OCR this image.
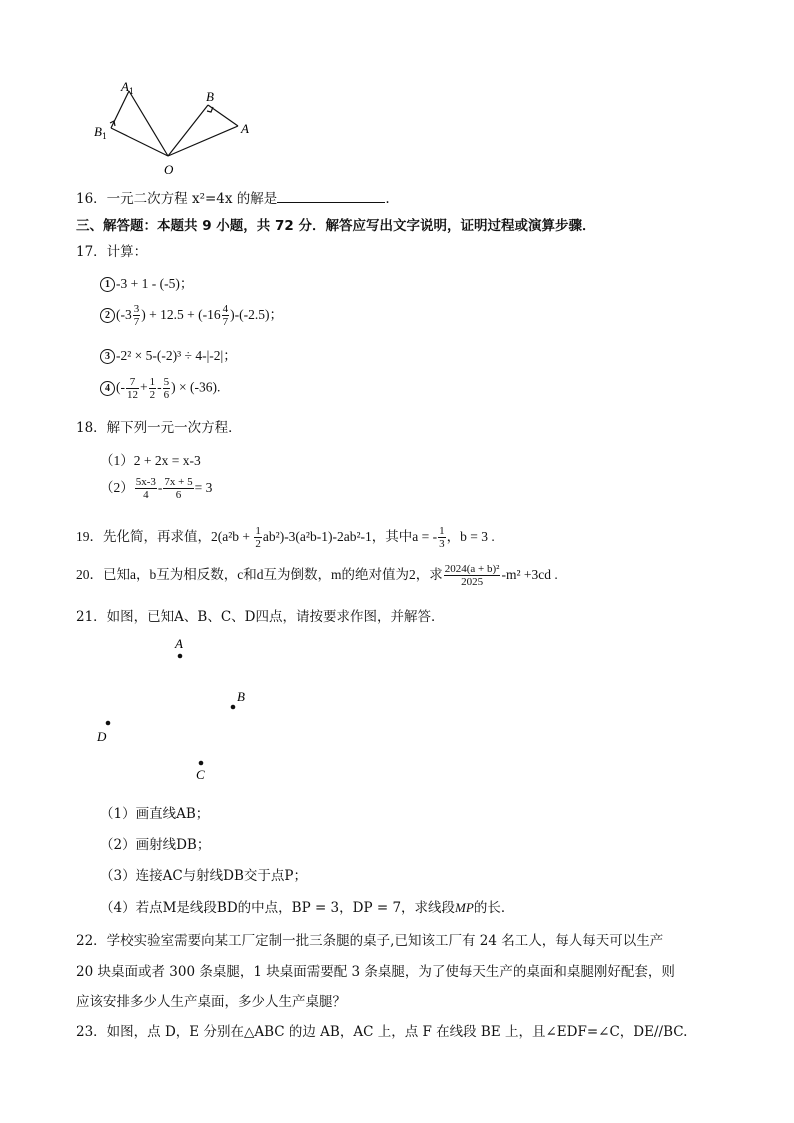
A 1
B 1
B
A
O
16．一元二次方程 x²=4x 的解是	.
三、解答题：本题共 9 小题，共 72 分．解答应写出文字说明，证明过程或演算步骤．
17．计算：
1 -3 + 1 - (-5)；
2 ($-3 \frac{3}{7}$ ) + $12.5 + (-16 \frac{4}{7} )-(-2.5)$；
3 -2² × 5-(-2)³ ÷ 4-|-2|；
4 (- $\frac{7}{12} + \frac{1}{2} - \frac{5}{6}$ ) × (-36).
18．解下列一元一次方程．
（1）2 + 2x = x-3
$(2) \frac{5x-3}{4} - \frac{7x + 5}{6} = 3$
19．先化简，再求值，$2(a^2b + \frac{1}{2} ab^2)-3(a^2b-1)-2ab^2-1$，其中a = - $\frac{1}{3}$ ，b = 3 .
20．已知a，b互为相反数，c和d互为倒数，m的绝对值为2，求 $\frac{\text{2024(a + b)²}}{2025} -m^2 +3cd$ .
21．如图，已知A、B、C、D四点，请按要求作图，并解答．
A
B
D
C
（1）画直线AB；
（2）画射线DB；
（3）连接AC与射线DB交于点P；
（4）若点M是线段BD的中点，BP = 3，DP = 7，求线段MP的长．
22．学校实验室需要向某工厂定制一批三条腿的桌子,已知该工厂有 24 名工人，每人每天可以生产
20 块桌面或者 300 条桌腿，1 块桌面需要配 3 条桌腿，为了使每天生产的桌面和桌腿刚好配套，则
应该安排多少人生产桌面，多少人生产桌腿？
23．如图，点 D，E 分别在△ABC 的边 AB，AC 上，点 F 在线段 BE 上，且∠EDF=∠C，DE//BC.
